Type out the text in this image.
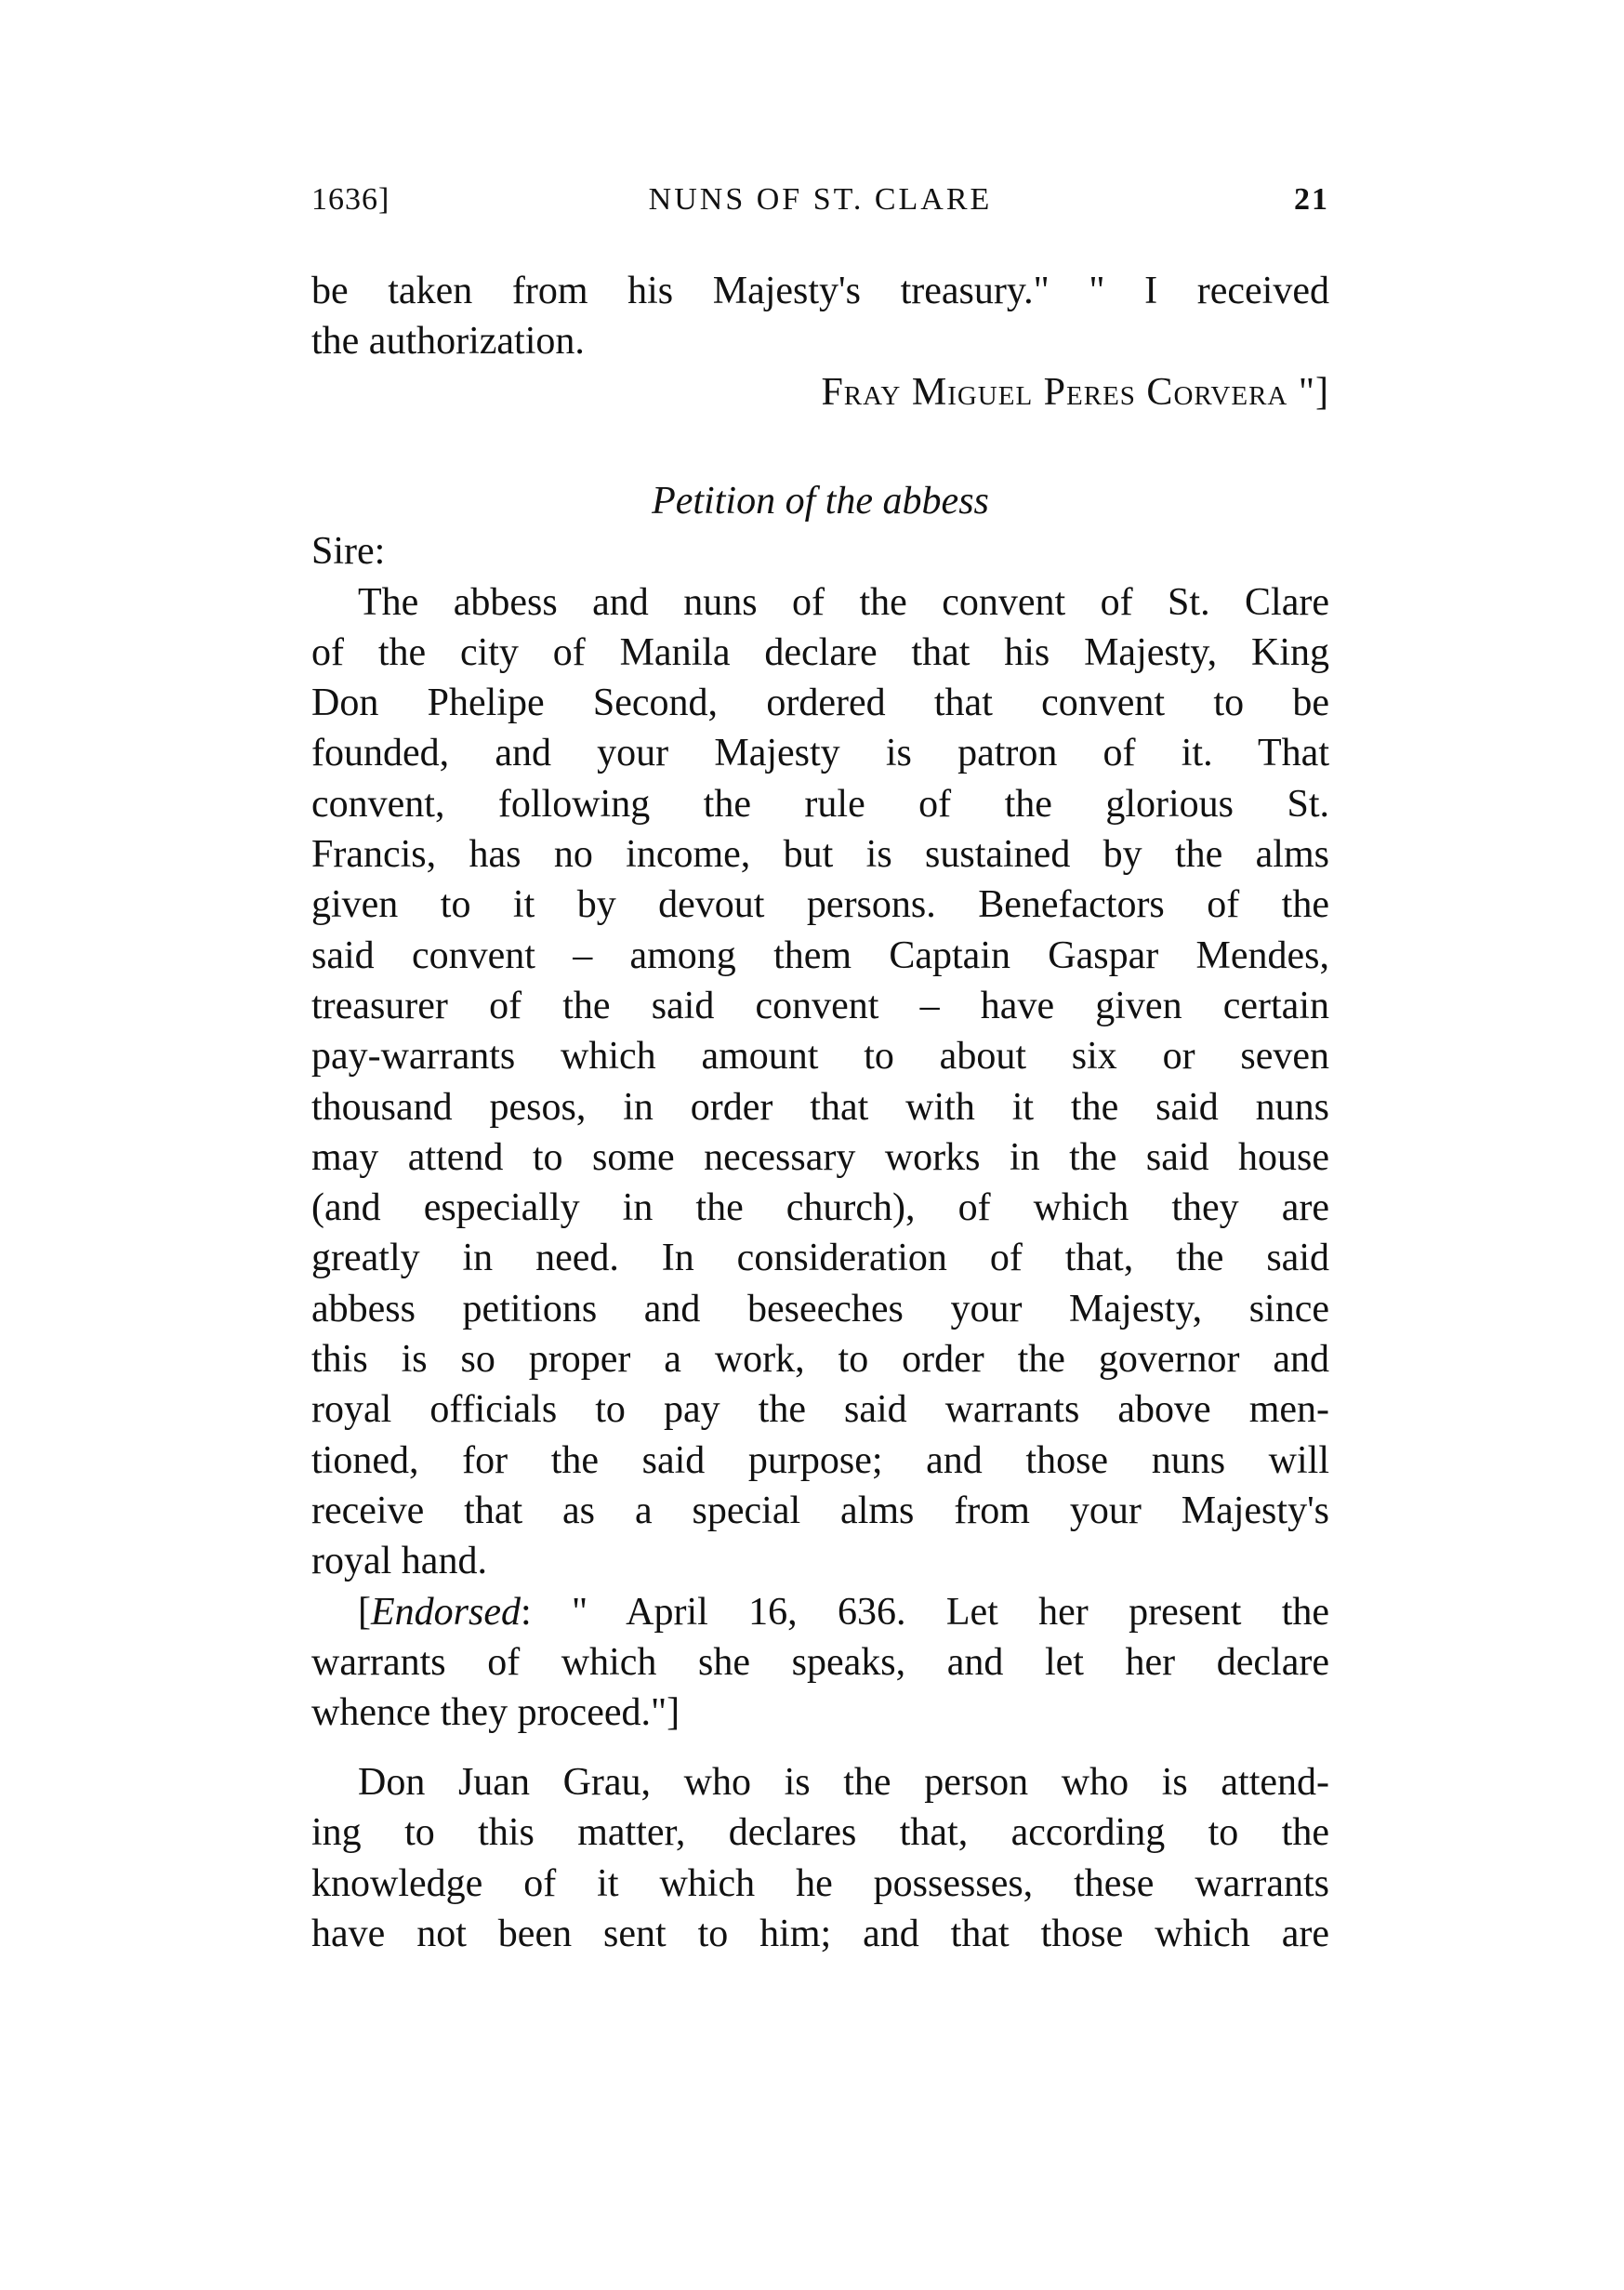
1636]	NUNS OF ST. CLARE	21
be taken from his Majesty's treasury." " I received
the authorization.
Fray Miguel Peres Corvera "]
Petition of the abbess
Sire:
The abbess and nuns of the convent of St. Clare
of the city of Manila declare that his Majesty, King
Don Phelipe Second, ordered that convent to be
founded, and your Majesty is patron of it. That
convent, following the rule of the glorious St.
Francis, has no income, but is sustained by the alms
given to it by devout persons. Benefactors of the
said convent – among them Captain Gaspar Mendes,
treasurer of the said convent – have given certain
pay-warrants which amount to about six or seven
thousand pesos, in order that with it the said nuns
may attend to some necessary works in the said house
(and especially in the church), of which they are
greatly in need. In consideration of that, the said
abbess petitions and beseeches your Majesty, since
this is so proper a work, to order the governor and
royal officials to pay the said warrants above men-
tioned, for the said purpose; and those nuns will
receive that as a special alms from your Majesty's
royal hand.
[Endorsed: " April 16, 636. Let her present the
warrants of which she speaks, and let her declare
whence they proceed."]
Don Juan Grau, who is the person who is attend-
ing to this matter, declares that, according to the
knowledge of it which he possesses, these warrants
have not been sent to him; and that those which are
